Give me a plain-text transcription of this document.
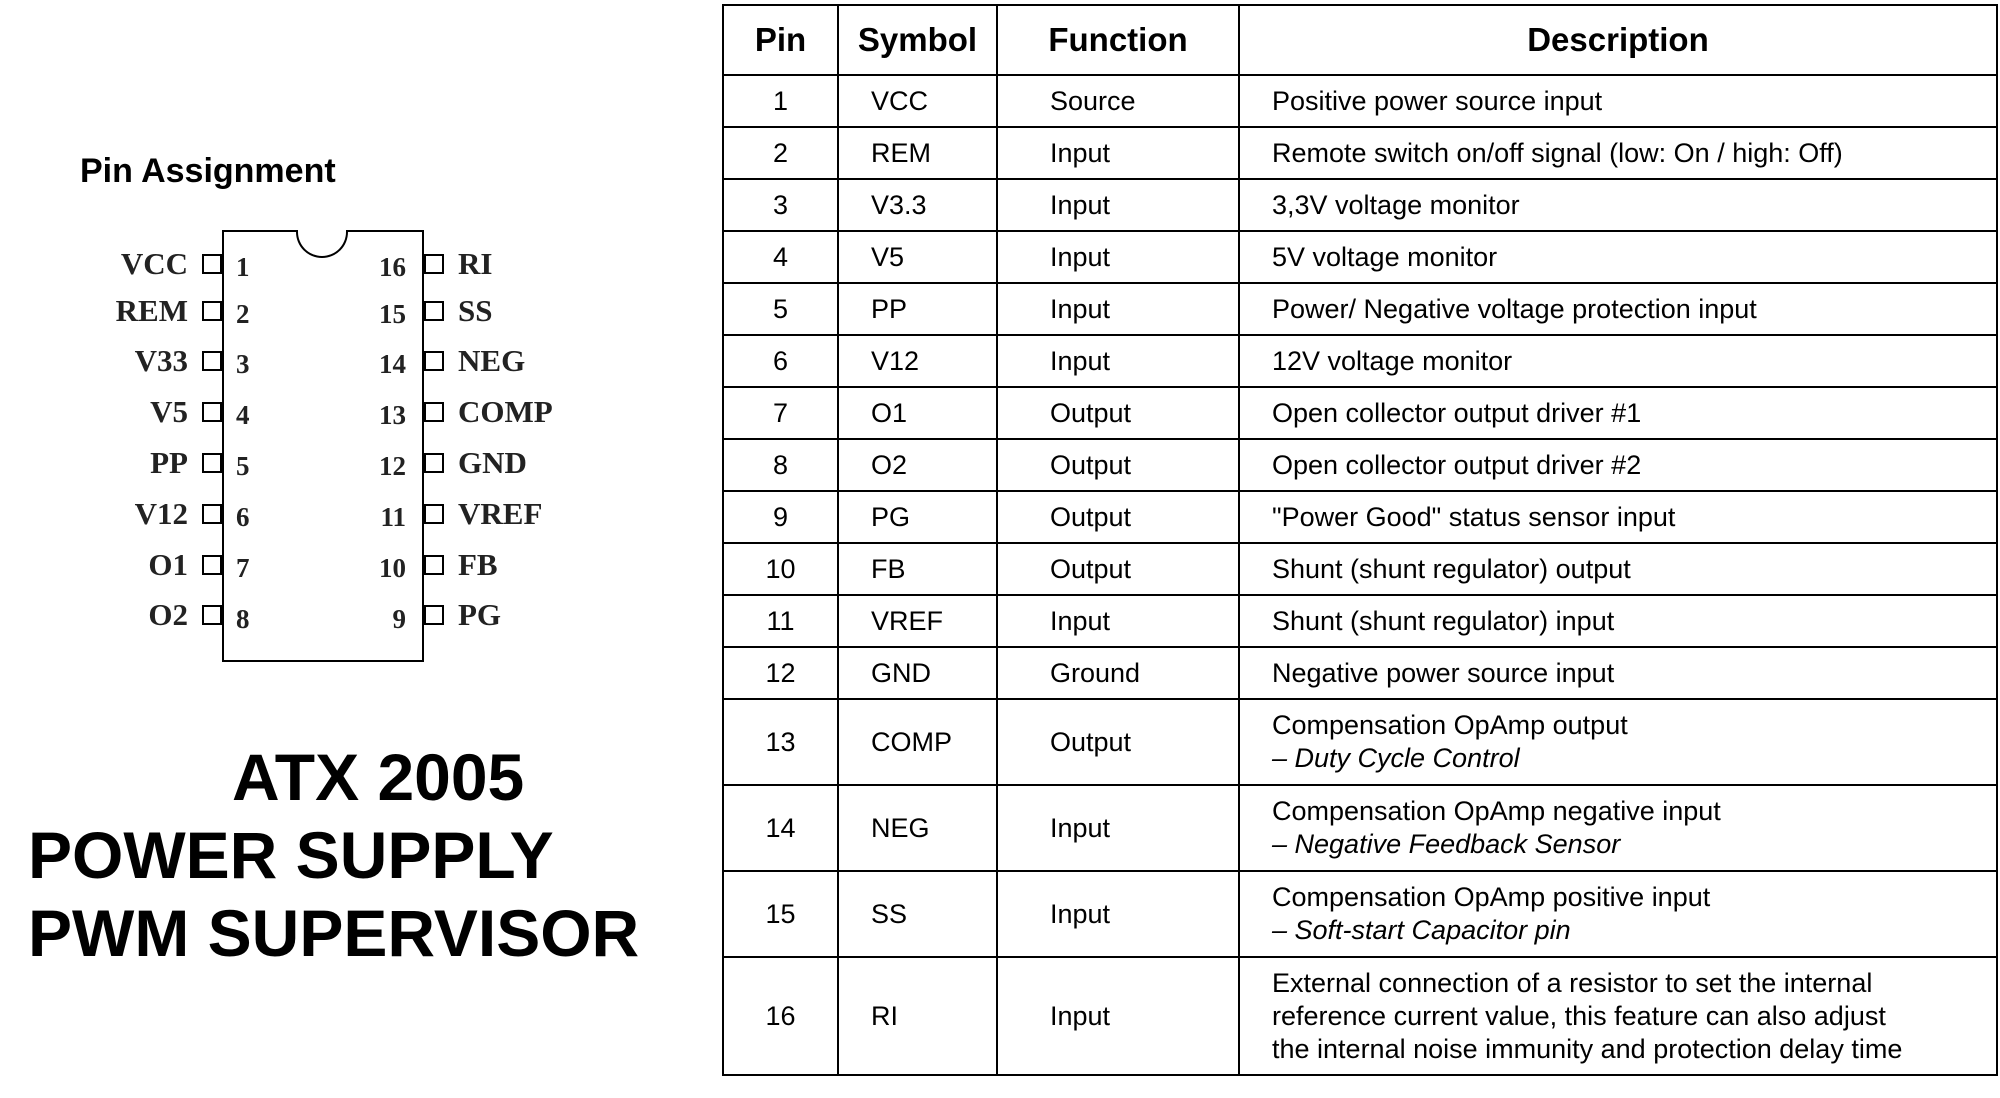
Pin Assignment
VCC
REM
V33
V5
PP
V12
O1
O2
1
2
3
4
5
6
7
8
16
15
14
13
12
11
10
9
RI
SS
NEG
COMP
GND
VREF
FB
PG
ATX 2005
POWER SUPPLY
PWM SUPERVISOR
Pin	Symbol	Function	Description
1	VCC	Source	Positive power source input
2	REM	Input	Remote switch on/off signal (low: On / high: Off)
3	V3.3	Input	3,3V voltage monitor
4	V5	Input	5V voltage monitor
5	PP	Input	Power/ Negative voltage protection input
6	V12	Input	12V voltage monitor
7	O1	Output	Open collector output driver #1
8	O2	Output	Open collector output driver #2
9	PG	Output	"Power Good" status sensor input
10	FB	Output	Shunt (shunt regulator) output
11	VREF	Input	Shunt (shunt regulator) input
12	GND	Ground	Negative power source input
13	COMP	Output	Compensation OpAmp output
– Duty Cycle Control

14	NEG	Input	Compensation OpAmp negative input
– Negative Feedback Sensor

15	SS	Input	Compensation OpAmp positive input
– Soft-start Capacitor pin

16	RI	Input	External connection of a resistor to set the internal
reference current value, this feature can also adjust
the internal noise immunity and protection delay time
